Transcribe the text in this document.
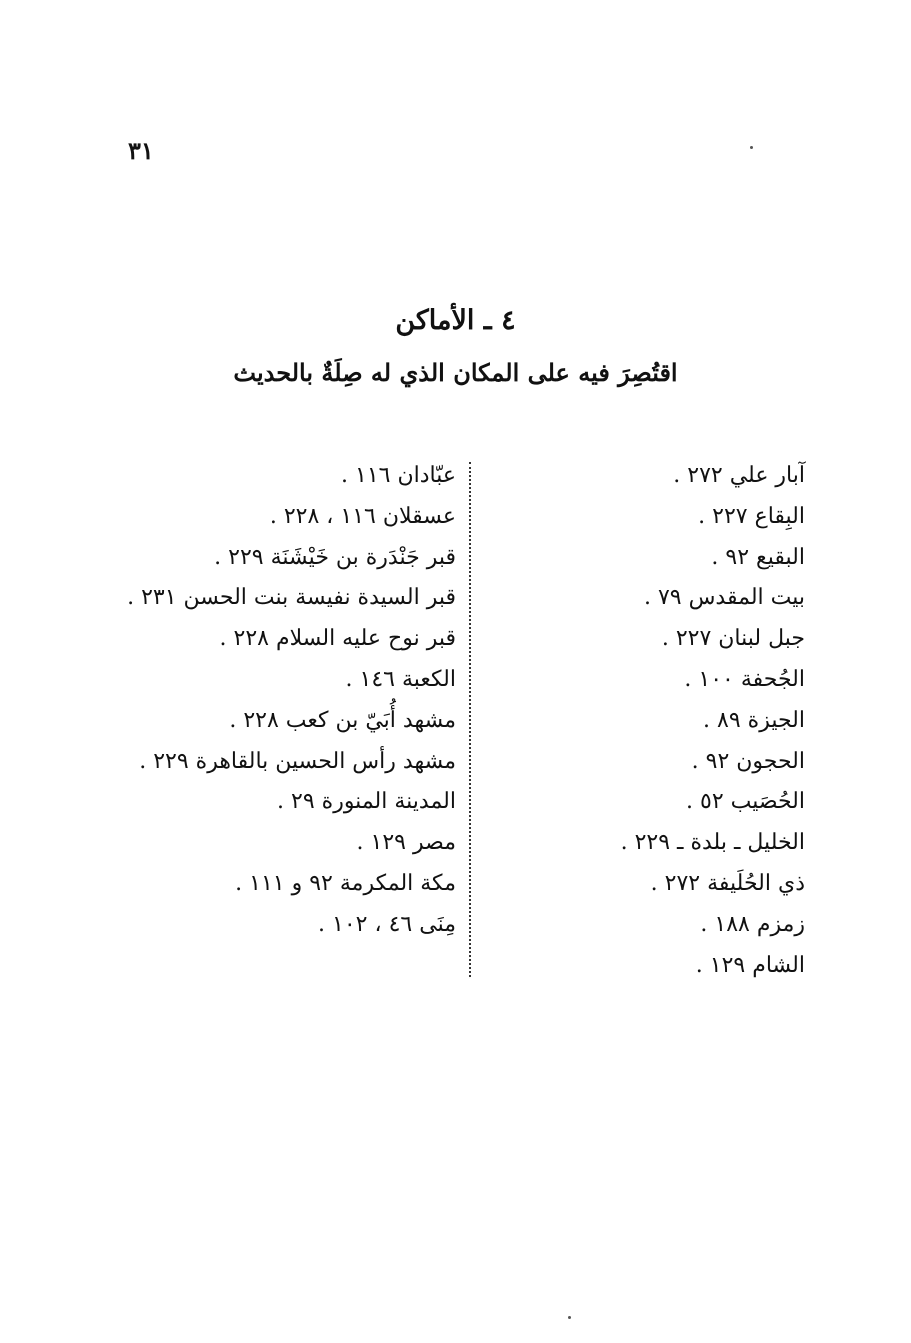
٣١
٤ ـ الأماكن
اقتُصِرَ فيه على المكان الذي له صِلَةٌ بالحديث
آبار علي ٢٧٢ .
البِقاع ٢٢٧ .
البقيع ٩٢ .
بيت المقدس ٧٩ .
جبل لبنان ٢٢٧ .
الجُحفة ١٠٠ .
الجيزة ٨٩ .
الحجون ٩٢ .
الحُصَيب ٥٢ .
الخليل ـ بلدة ـ ٢٢٩ .
ذي الحُلَيفة ٢٧٢ .
زمزم ١٨٨ .
الشام ١٢٩ .
عبّادان ١١٦ .
عسقلان ١١٦ ، ٢٢٨ .
قبر جَنْدَرة بن خَيْشَنَة ٢٢٩ .
قبر السيدة نفيسة بنت الحسن ٢٣١ .
قبر نوح عليه السلام ٢٢٨ .
الكعبة ١٤٦ .
مشهد أُبَيّ بن كعب ٢٢٨ .
مشهد رأس الحسين بالقاهرة ٢٢٩ .
المدينة المنورة ٢٩ .
مصر ١٢٩ .
مكة المكرمة ٩٢ و ١١١ .
مِنَى ٤٦ ، ١٠٢ .
